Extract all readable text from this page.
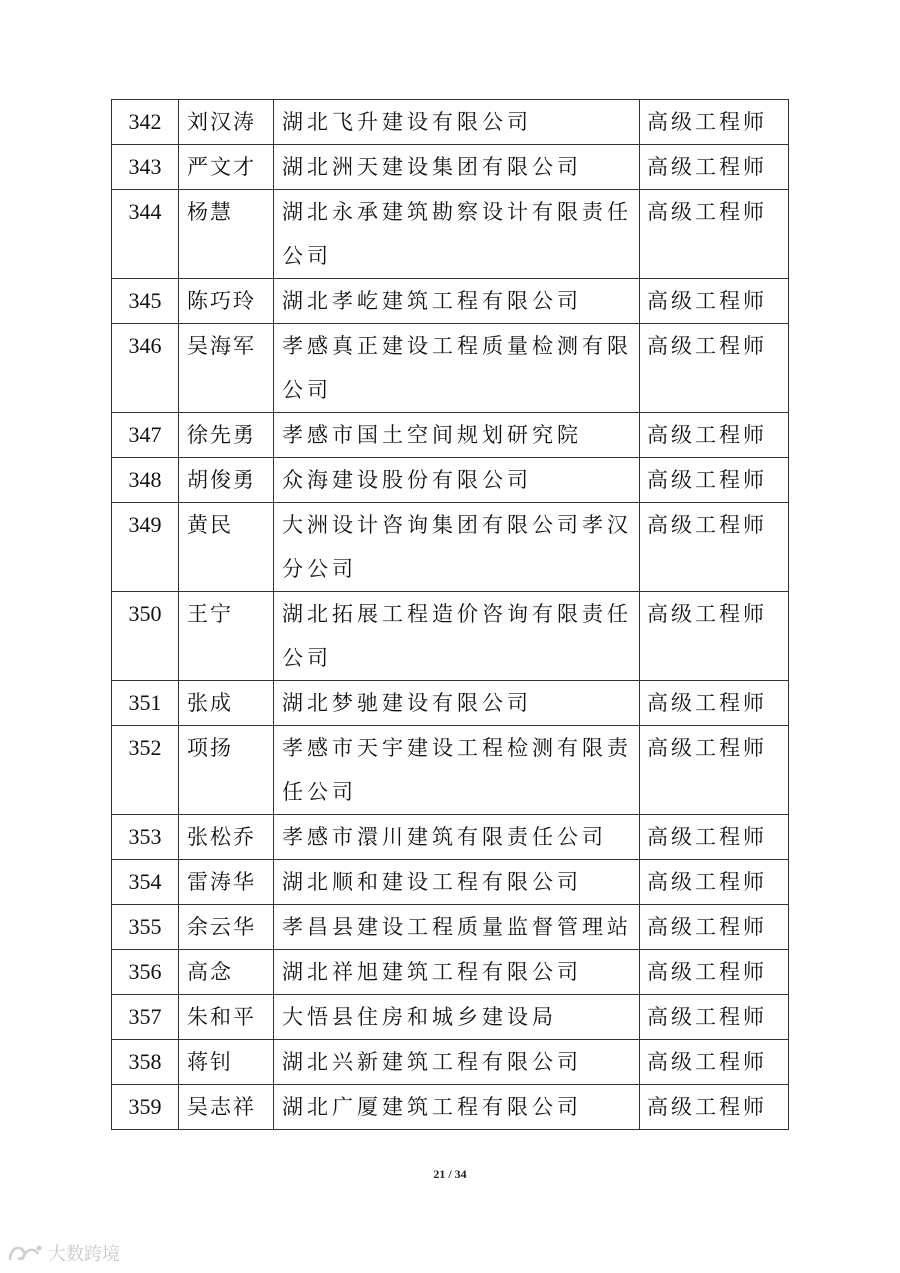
342	刘汉涛	湖北飞升建设有限公司	高级工程师
343	严文才	湖北洲天建设集团有限公司	高级工程师
344	杨慧	湖北永承建筑勘察设计有限责任公司	高级工程师
345	陈巧玲	湖北孝屹建筑工程有限公司	高级工程师
346	吴海军	孝感真正建设工程质量检测有限公司	高级工程师
347	徐先勇	孝感市国土空间规划研究院	高级工程师
348	胡俊勇	众海建设股份有限公司	高级工程师
349	黄民	大洲设计咨询集团有限公司孝汉分公司	高级工程师
350	王宁	湖北拓展工程造价咨询有限责任公司	高级工程师
351	张成	湖北梦驰建设有限公司	高级工程师
352	项扬	孝感市天宇建设工程检测有限责任公司	高级工程师
353	张松乔	孝感市澴川建筑有限责任公司	高级工程师
354	雷涛华	湖北顺和建设工程有限公司	高级工程师
355	余云华	孝昌县建设工程质量监督管理站	高级工程师
356	高念	湖北祥旭建筑工程有限公司	高级工程师
357	朱和平	大悟县住房和城乡建设局	高级工程师
358	蒋钊	湖北兴新建筑工程有限公司	高级工程师
359	吴志祥	湖北广厦建筑工程有限公司	高级工程师
21 / 34
大数跨境
